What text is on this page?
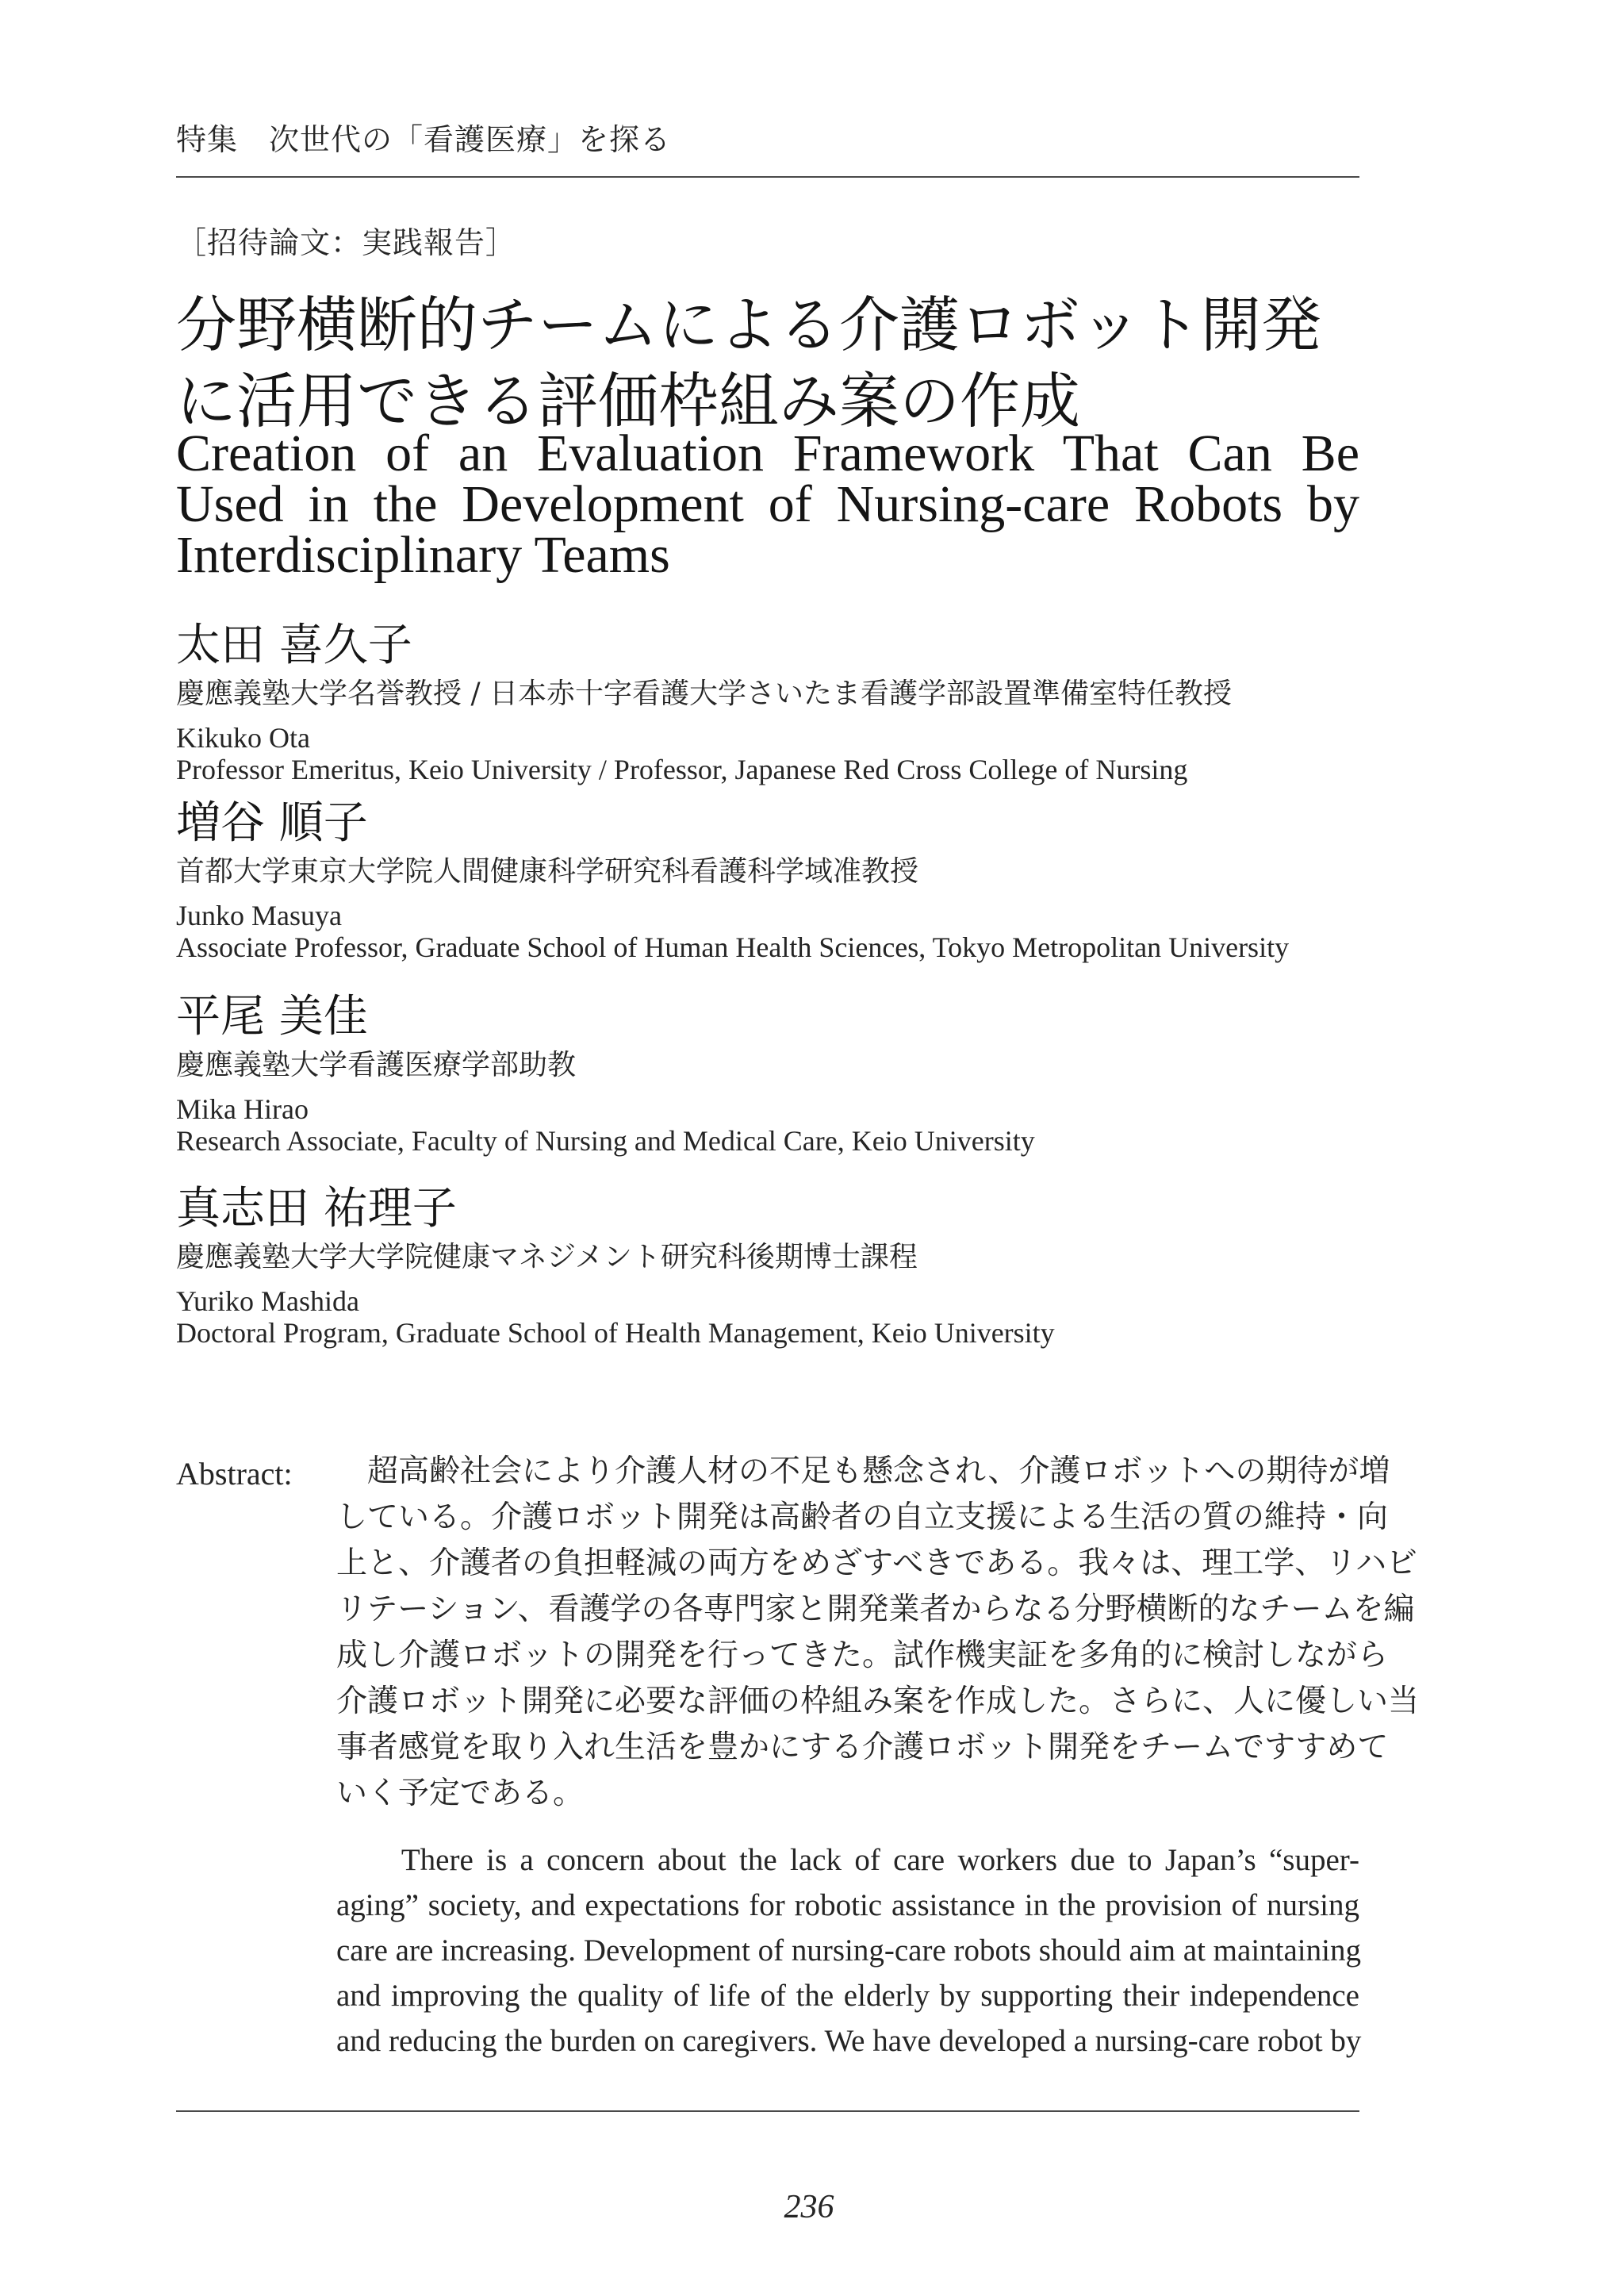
特集　次世代の「看護医療」を探る
［招待論文：実践報告］
分野横断的チームによる介護ロボット開発
に活用できる評価枠組み案の作成
Creation of an Evaluation Framework That Can Be
Used in the Development of Nursing-care Robots by
Interdisciplinary Teams
太田 喜久子
慶應義塾大学名誉教授 / 日本赤十字看護大学さいたま看護学部設置準備室特任教授
Kikuko Ota
Professor Emeritus, Keio University / Professor, Japanese Red Cross College of Nursing
増谷 順子
首都大学東京大学院人間健康科学研究科看護科学域准教授
Junko Masuya
Associate Professor, Graduate School of Human Health Sciences, Tokyo Metropolitan University
平尾 美佳
慶應義塾大学看護医療学部助教
Mika Hirao
Research Associate, Faculty of Nursing and Medical Care, Keio University
真志田 祐理子
慶應義塾大学大学院健康マネジメント研究科後期博士課程
Yuriko Mashida
Doctoral Program, Graduate School of Health Management, Keio University
Abstract: 　超高齢社会により介護人材の不足も懸念され、介護ロボットへの期待が増
している。介護ロボット開発は高齢者の自立支援による生活の質の維持・向
上と、介護者の負担軽減の両方をめざすべきである。我々は、理工学、リハビ
リテーション、看護学の各専門家と開発業者からなる分野横断的なチームを編
成し介護ロボットの開発を行ってきた。試作機実証を多角的に検討しながら
介護ロボット開発に必要な評価の枠組み案を作成した。さらに、人に優しい当
事者感覚を取り入れ生活を豊かにする介護ロボット開発をチームですすめて
いく予定である。
There is a concern about the lack of care workers due to Japan’s “super-
aging” society, and expectations for robotic assistance in the provision of nursing
care are increasing. Development of nursing-care robots should aim at maintaining
and improving the quality of life of the elderly by supporting their independence
and reducing the burden on caregivers. We have developed a nursing-care robot by
236
